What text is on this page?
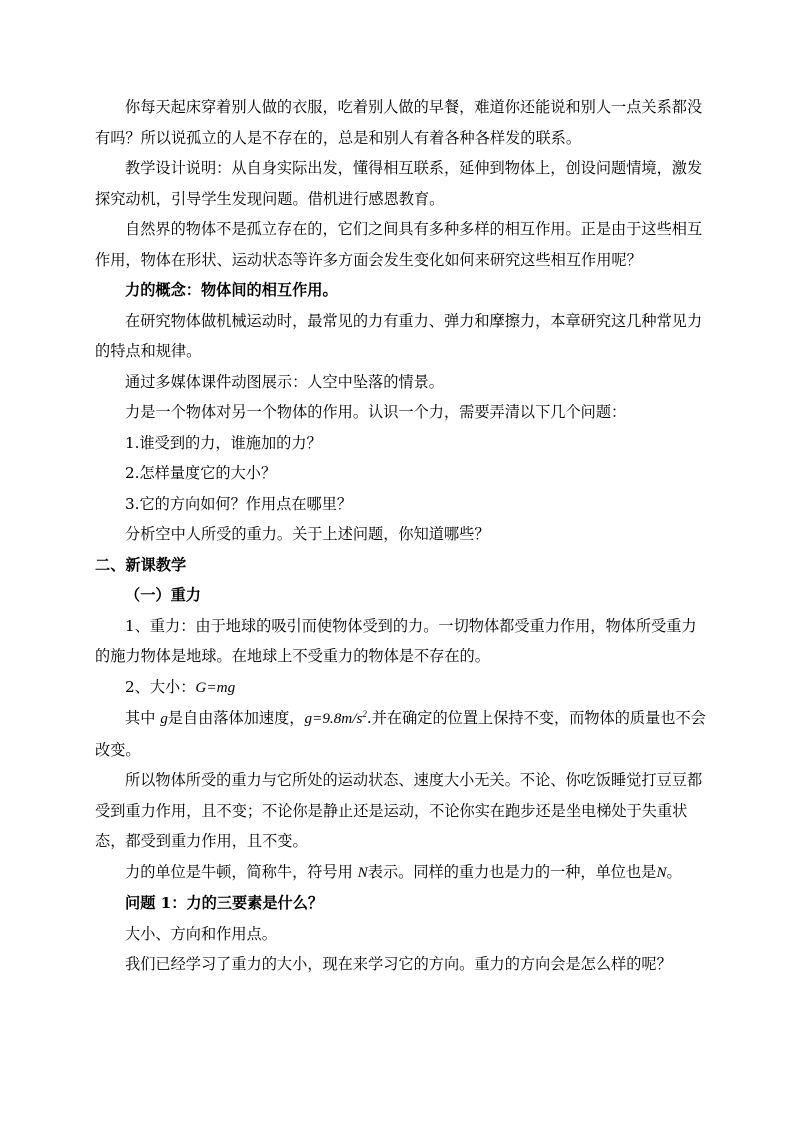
你每天起床穿着别人做的衣服，吃着别人做的早餐，难道你还能说和别人一点关系都没有吗？所以说孤立的人是不存在的，总是和别人有着各种各样发的联系。

教学设计说明：从自身实际出发，懂得相互联系，延伸到物体上，创设问题情境，激发探究动机，引导学生发现问题。借机进行感恩教育。

自然界的物体不是孤立存在的，它们之间具有多种多样的相互作用。正是由于这些相互作用，物体在形状、运动状态等许多方面会发生变化如何来研究这些相互作用呢？

力的概念：物体间的相互作用。

在研究物体做机械运动时，最常见的力有重力、弹力和摩擦力，本章研究这几种常见力的特点和规律。

通过多媒体课件动图展示：人空中坠落的情景。

力是一个物体对另一个物体的作用。认识一个力，需要弄清以下几个问题：

1.谁受到的力，谁施加的力？

2.怎样量度它的大小？

3.它的方向如何？作用点在哪里？

分析空中人所受的重力。关于上述问题，你知道哪些？

二、新课教学

（一）重力

1、重力：由于地球的吸引而使物体受到的力。一切物体都受重力作用，物体所受重力的施力物体是地球。在地球上不受重力的物体是不存在的。

2、大小：G=mg

其中 g是自由落体加速度，$g=9.8m/s^2$.并在确定的位置上保持不变，而物体的质量也不会改变。

所以物体所受的重力与它所处的运动状态、速度大小无关。不论、你吃饭睡觉打豆豆都受到重力作用，且不变；不论你是静止还是运动，不论你实在跑步还是坐电梯处于失重状态，都受到重力作用，且不变。

力的单位是牛顿，简称牛，符号用 N表示。同样的重力也是力的一种，单位也是N。

问题 1：力的三要素是什么？

大小、方向和作用点。

我们已经学习了重力的大小，现在来学习它的方向。重力的方向会是怎么样的呢？
